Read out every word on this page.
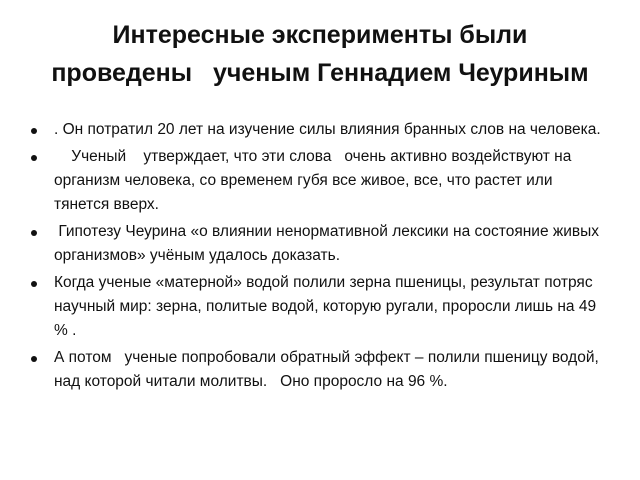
Интересные эксперименты были
проведены   ученым Геннадием Чеуриным
. Он потратил 20 лет на изучение силы влияния бранных слов на человека.
Ученый    утверждает, что эти слова   очень активно воздействуют на организм человека, со временем губя все живое, все, что растет или тянется вверх.
Гипотезу Чеурина «о влиянии ненормативной лексики на состояние живых организмов» учёным удалось доказать.
Когда ученые «матерной» водой полили зерна пшеницы, результат потряс научный мир: зерна, политые водой, которую ругали, проросли лишь на 49 % .
А потом   ученые попробовали обратный эффект – полили пшеницу водой, над которой читали молитвы.   Оно проросло на 96 %.
